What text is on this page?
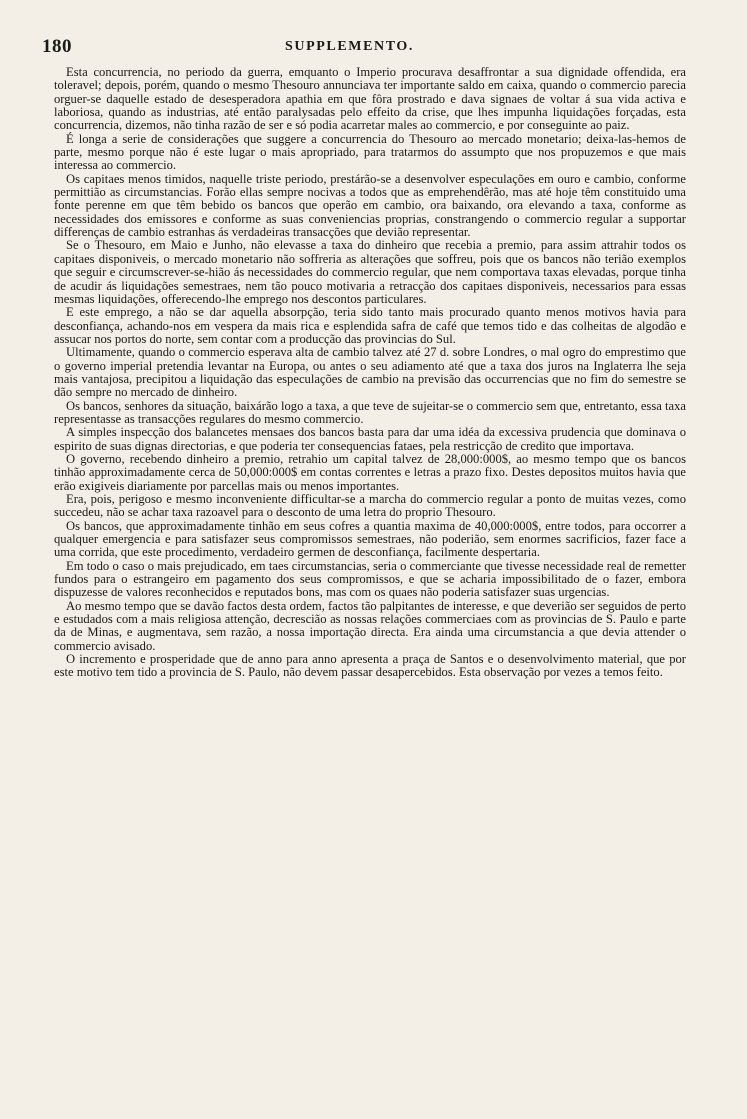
180	SUPPLEMENTO.

Esta concurrencia, no periodo da guerra, emquanto o Imperio procurava desaffrontar a sua dignidade offendida, era toleravel; depois, porém, quando o mesmo Thesouro annunciava ter importante saldo em caixa, quando o commercio parecia orguer-se daquelle estado de desesperadora apathia em que fôra prostrado e dava signaes de voltar á sua vida activa e laboriosa, quando as industrias, até então paralysadas pelo effeito da crise, que lhes impunha liquidações forçadas, esta concurrencia, dizemos, não tinha razão de ser e só podia acarretar males ao commercio, e por conseguinte ao paiz.

É longa a serie de considerações que suggere a concurrencia do Thesouro ao mercado monetario; deixa-las-hemos de parte, mesmo porque não é este lugar o mais apropriado, para tratarmos do assumpto que nos propuzemos e que mais interessa ao commercio.

Os capitaes menos timidos, naquelle triste periodo, prestárão-se a desenvolver especulações em ouro e cambio, conforme permittião as circumstancias. Forão ellas sempre nocivas a todos que as emprehendêrão, mas até hoje têm constituido uma fonte perenne em que têm bebido os bancos que operão em cambio, ora baixando, ora elevando a taxa, conforme as necessidades dos emissores e conforme as suas conveniencias proprias, constrangendo o commercio regular a supportar differenças de cambio estranhas ás verdadeiras transacções que devião representar.

Se o Thesouro, em Maio e Junho, não elevasse a taxa do dinheiro que recebia a premio, para assim attrahir todos os capitaes disponiveis, o mercado monetario não soffreria as alterações que soffreu, pois que os bancos não terião exemplos que seguir e circumscrever-se-hião ás necessidades do commercio regular, que nem comportava taxas elevadas, porque tinha de acudir ás liquidações semestraes, nem tão pouco motivaria a retracção dos capitaes disponiveis, necessarios para essas mesmas liquidações, offerecendo-lhe emprego nos descontos particulares.

E este emprego, a não se dar aquella absorpção, teria sido tanto mais procurado quanto menos motivos havia para desconfiança, achando-nos em vespera da mais rica e esplendida safra de café que temos tido e das colheitas de algodão e assucar nos portos do norte, sem contar com a producção das provincias do Sul.

Ultimamente, quando o commercio esperava alta de cambio talvez até 27 d. sobre Londres, o mal ogro do emprestimo que o governo imperial pretendia levantar na Europa, ou antes o seu adiamento até que a taxa dos juros na Inglaterra lhe seja mais vantajosa, precipitou a liquidação das especulações de cambio na previsão das occurrencias que no fim do semestre se dão sempre no mercado de dinheiro.

Os bancos, senhores da situação, baixárão logo a taxa, a que teve de sujeitar-se o commercio sem que, entretanto, essa taxa representasse as transacções regulares do mesmo commercio.

A simples inspecção dos balancetes mensaes dos bancos basta para dar uma idéa da excessiva prudencia que dominava o espirito de suas dignas directorias, e que poderia ter consequencias fataes, pela restricção de credito que importava.

O governo, recebendo dinheiro a premio, retrahio um capital talvez de 28,000:000$, ao mesmo tempo que os bancos tinhão approximadamente cerca de 50,000:000$ em contas correntes e letras a prazo fixo. Destes depositos muitos havia que erão exigiveis diariamente por parcellas mais ou menos importantes.

Era, pois, perigoso e mesmo inconveniente difficultar-se a marcha do commercio regular a ponto de muitas vezes, como succedeu, não se achar taxa razoavel para o desconto de uma letra do proprio Thesouro.

Os bancos, que approximadamente tinhão em seus cofres a quantia maxima de 40,000:000$, entre todos, para occorrer a qualquer emergencia e para satisfazer seus compromissos semestraes, não poderião, sem enormes sacrificios, fazer face a uma corrida, que este procedimento, verdadeiro germen de desconfiança, facilmente despertaria.

Em todo o caso o mais prejudicado, em taes circumstancias, seria o commerciante que tivesse necessidade real de remetter fundos para o estrangeiro em pagamento dos seus compromissos, e que se acharia impossibilitado de o fazer, embora dispuzesse de valores reconhecidos e reputados bons, mas com os quaes não poderia satisfazer suas urgencias.

Ao mesmo tempo que se davão factos desta ordem, factos tão palpitantes de interesse, e que deverião ser seguidos de perto e estudados com a mais religiosa attenção, decrescião as nossas relações commerciaes com as provincias de S. Paulo e parte da de Minas, e augmentava, sem razão, a nossa importação directa. Era ainda uma circumstancia a que devia attender o commercio avisado.

O incremento e prosperidade que de anno para anno apresenta a praça de Santos e o desenvolvimento material, que por este motivo tem tido a provincia de S. Paulo, não devem passar desapercebidos. Esta observação por vezes a temos feito.
